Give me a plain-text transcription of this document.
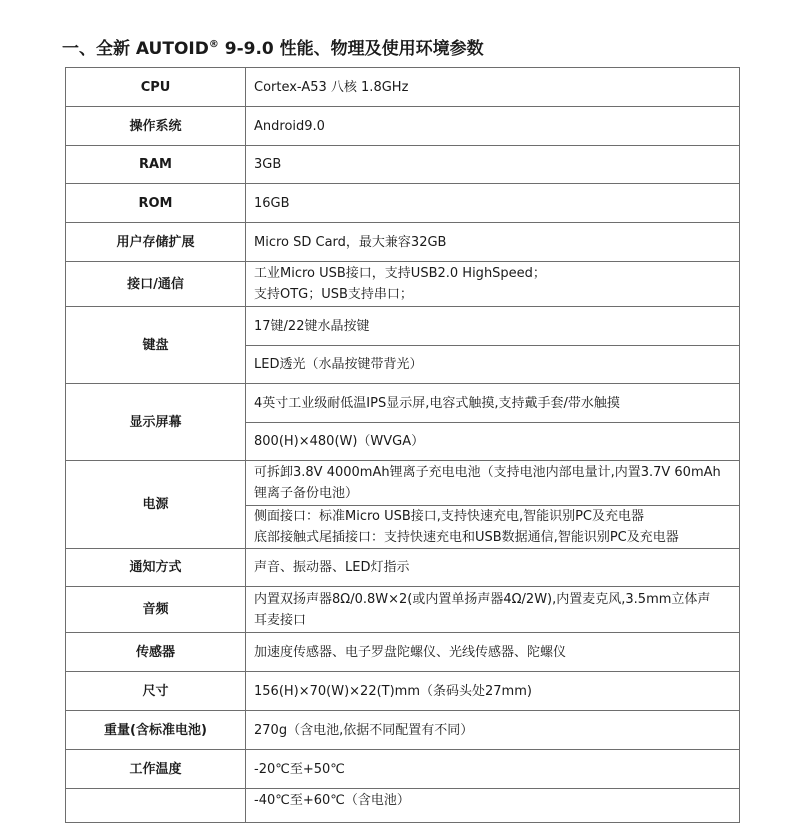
一、全新 AUTOID® 9-9.0 性能、物理及使用环境参数
CPU	Cortex-A53 八核 1.8GHz
操作系统	Android9.0
RAM	3GB
ROM	16GB
用户存储扩展	Micro SD Card，最大兼容32GB
接口/通信	工业Micro USB接口，支持USB2.0 HighSpeed；
支持OTG；USB支持串口；

键盘	17键/22键水晶按键
	LED透光（水晶按键带背光）
显示屏幕	4英寸工业级耐低温IPS显示屏,电容式触摸,支持戴手套/带水触摸
	800(H)×480(W)（WVGA）
电源	可拆卸3.8V 4000mAh锂离子充电电池（支持电池内部电量计,内置3.7V 60mAh
锂离子备份电池）

	侧面接口：标准Micro USB接口,支持快速充电,智能识别PC及充电器
底部接触式尾插接口：支持快速充电和USB数据通信,智能识别PC及充电器

通知方式	声音、振动器、LED灯指示
音频	内置双扬声器8Ω/0.8W×2(或内置单扬声器4Ω/2W),内置麦克风,3.5mm立体声
耳麦接口

传感器	加速度传感器、电子罗盘陀螺仪、光线传感器、陀螺仪
尺寸	156(H)×70(W)×22(T)mm（条码头处27mm)
重量(含标准电池)	270g（含电池,依据不同配置有不同）
工作温度	-20℃至+50℃
	-40℃至+60℃（含电池）
